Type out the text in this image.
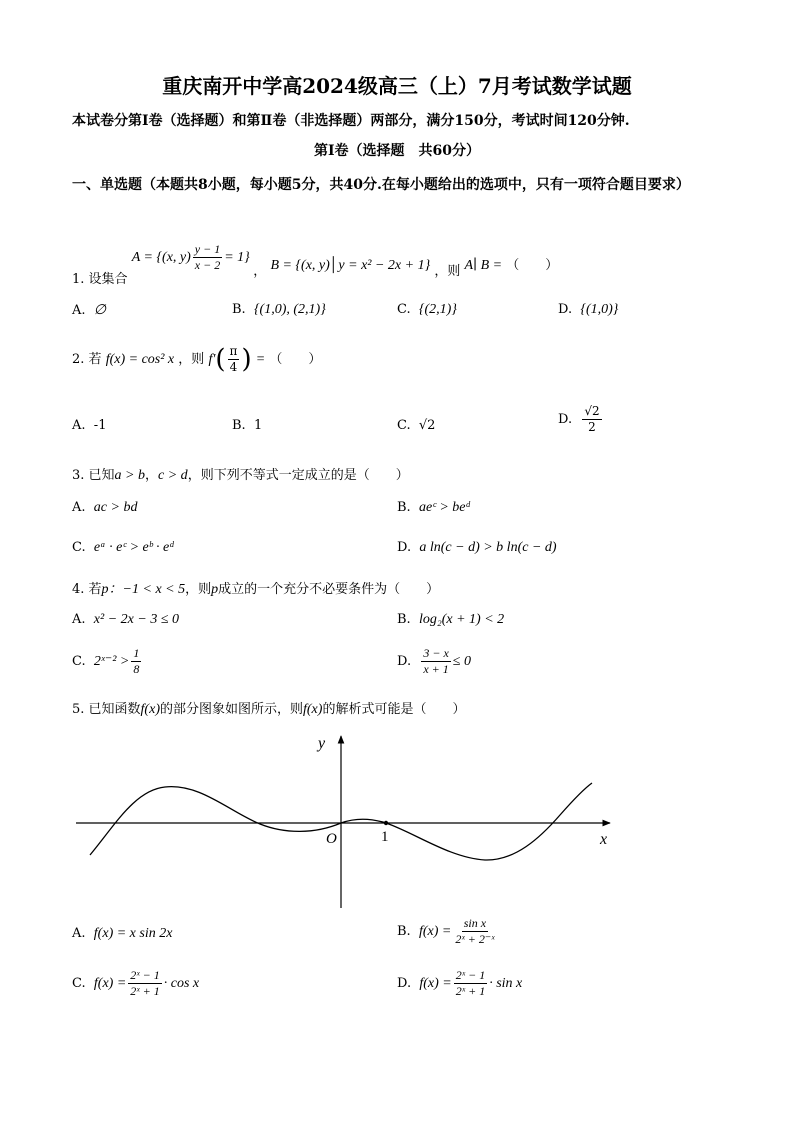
重庆南开中学高2024级高三（上）7月考试数学试题
本试卷分第Ⅰ卷（选择题）和第Ⅱ卷（非选择题）两部分，满分150分，考试时间120分钟.
第Ⅰ卷（选择题　共60分）
一、单选题（本题共8小题，每小题5分，共40分.在每小题给出的选项中，只有一项符合题目要求）
1. 设集合 A = {(x, $y) \frac{y - 1}{x - 2} = 1$} ， B = {(x, y)│y = x² − 2x + 1} ，则 A∣ B = （　　）
A. ∅	B. {(1,0), (2,1)}	C. {(2,1)}	D. {(1,0)}
2. 若 f(x) = cos² x ，则 $f'( \frac{\pi}{4}$ ) = （　　）
A. -1	B. 1	C. √2	D. $\frac{√2}{2}$
3. 已知a > b，c > d，则下列不等式一定成立的是（　　）
A. ac > bd	B. aeᶜ > beᵈ
C. eᵃ · eᶜ > eᵇ · eᵈ	D. a ln(c − d) > b ln(c − d)
4. 若p：−1 < x < 5，则p成立的一个充分不必要条件为（　　）
A. x² − 2x − 3 ≤ 0	B. log₂(x + 1) < 2
C. 2ˣ⁻² > $\frac{1}{8}$	D. $\frac{3 - x}{x + 1} \le 0$
5. 已知函数f(x)的部分图象如图所示，则f(x)的解析式可能是（　　）
y
x
O	1
A. f(x) = x sin 2x	B. $f(x) = \frac{\text{sin x}}{\text{2ˣ + 2⁻ˣ}}$
C. $f(x) = \frac{\text{2ˣ − 1}}{\text{2ˣ + 1}} \cdot \cos x$	D. $f(x) = \frac{\text{2ˣ − 1}}{\text{2ˣ + 1}} \cdot \sin x$
